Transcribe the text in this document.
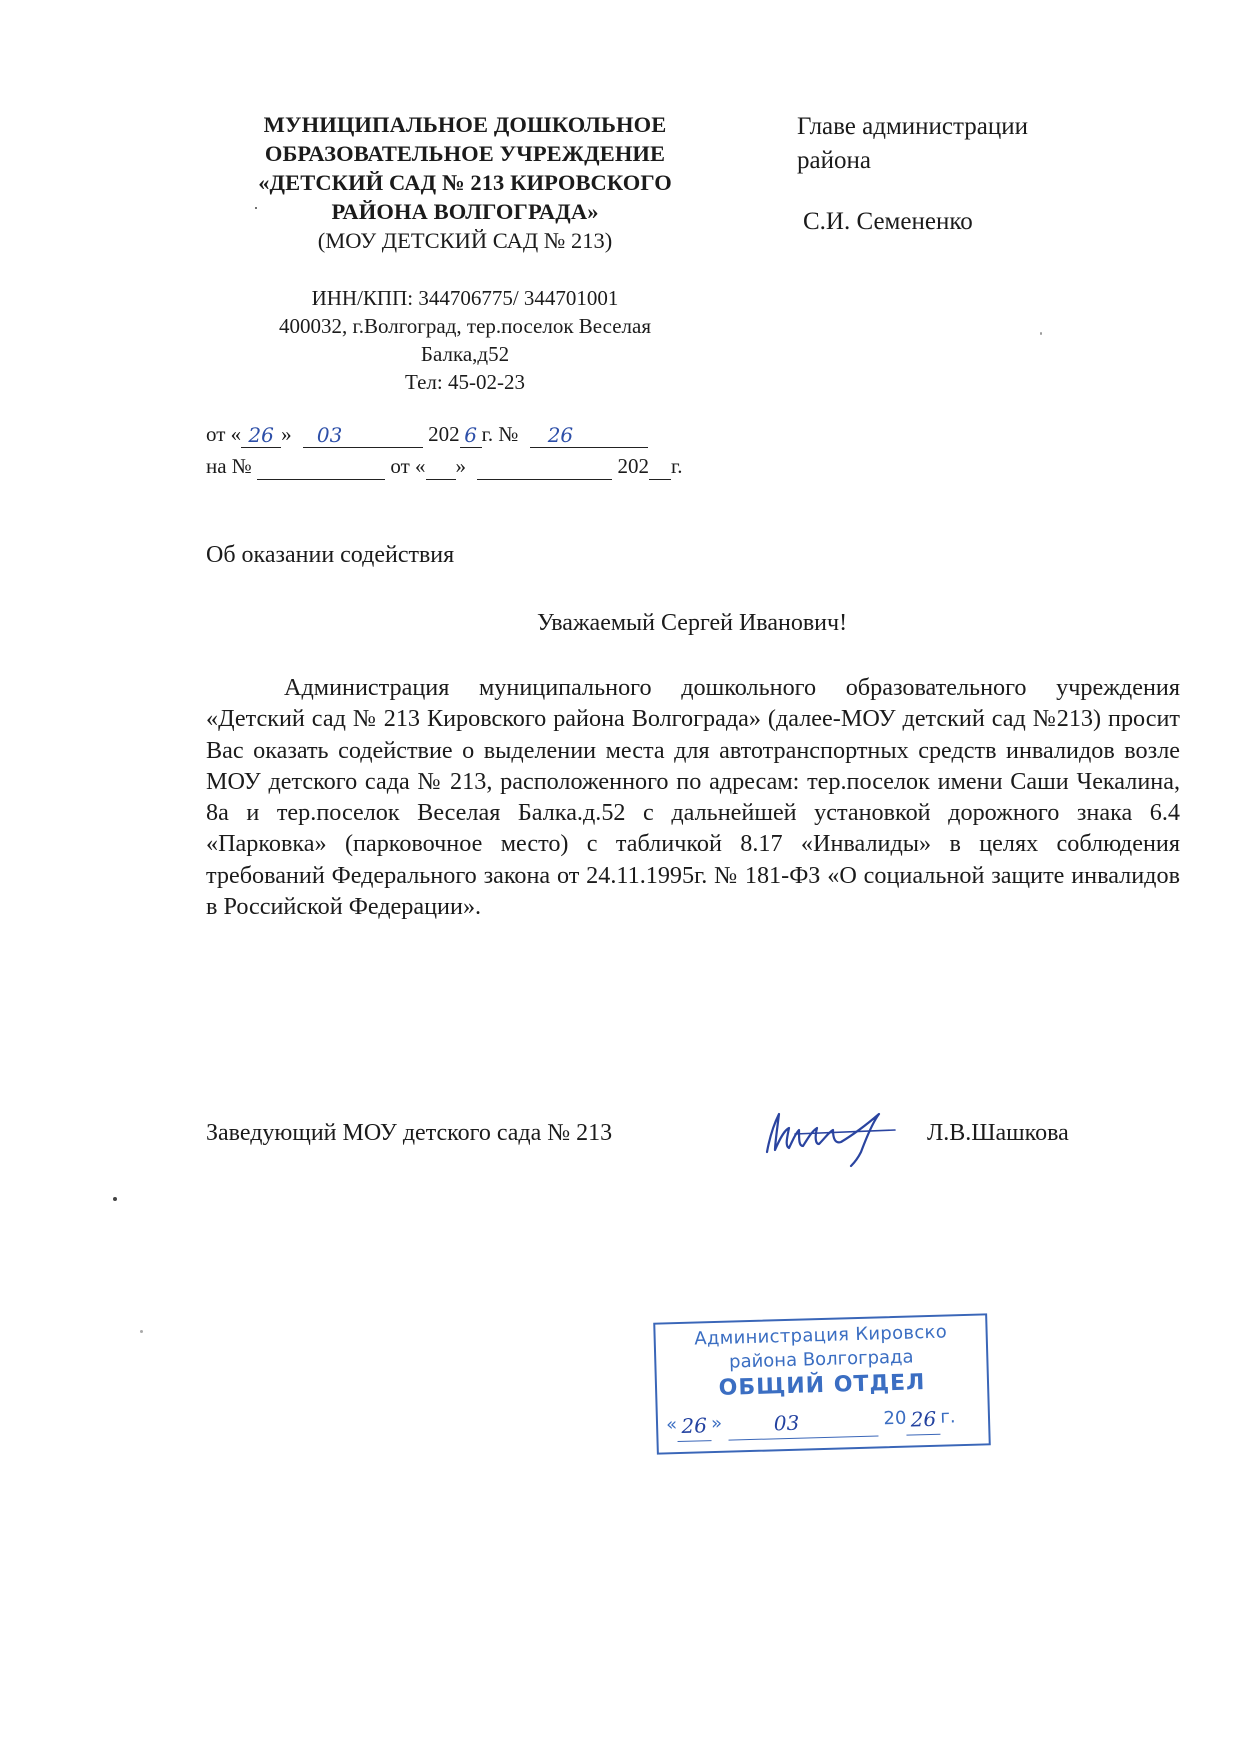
МУНИЦИПАЛЬНОЕ ДОШКОЛЬНОЕ
ОБРАЗОВАТЕЛЬНОЕ УЧРЕЖДЕНИЕ
«ДЕТСКИЙ САД № 213 КИРОВСКОГО
РАЙОНА ВОЛГОГРАДА»
(МОУ ДЕТСКИЙ САД № 213)
ИНН/КПП: 344706775/ 344701001
400032, г.Волгоград, тер.поселок Веселая
Балка,д52
Тел: 45-02-23
Главе администрации
района
С.И. Семененко
от « 26 »	03	202 6 г. №	26
на №	от « »	202 г.
Об оказании содействия
Уважаемый Сергей Иванович!
Администрация муниципального дошкольного образовательного учреждения «Детский сад № 213 Кировского района Волгограда» (далее-МОУ детский сад №213) просит Вас оказать содействие о выделении места для автотранспортных средств инвалидов возле МОУ детского сада № 213, расположенного по адресам: тер.поселок имени Саши Чекалина, 8а и тер.поселок Веселая Балка.д.52 с дальнейшей установкой дорожного знака 6.4 «Парковка» (парковочное место) с табличкой 8.17 «Инвалиды» в целях соблюдения требований Федерального закона от 24.11.1995г. № 181-ФЗ «О социальной защите инвалидов в Российской Федерации».
Заведующий МОУ детского сада № 213	Л.В.Шашкова
Администрация Кировско
района Волгограда
ОБЩИЙ ОТДЕЛ
« 26 »	03	20 26 г.
